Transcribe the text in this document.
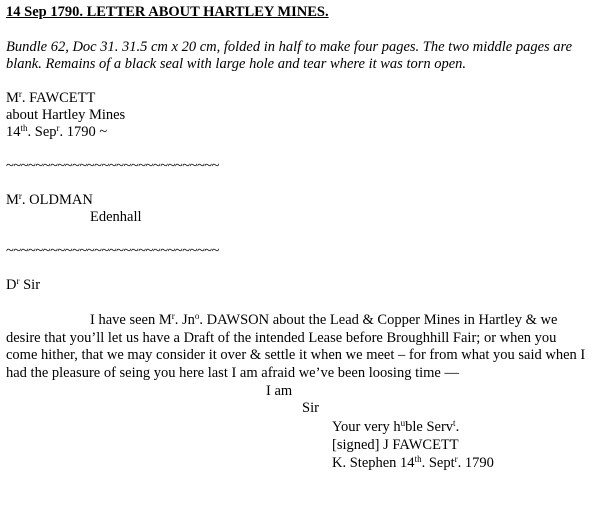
14 Sep 1790. LETTER ABOUT HARTLEY MINES.
Bundle 62, Doc 31. 31.5 cm x 20 cm, folded in half to make four pages. The two middle pages are blank. Remains of a black seal with large hole and tear where it was torn open.
$M^r$. FAWCETT
about Hartley Mines
14th. Sep$^r$. 1790 ~
~~~~~~~~~~~~~~~~~~~~~~~~~~~~~
$M^r$. OLDMAN
Edenhall
~~~~~~~~~~~~~~~~~~~~~~~~~~~~~
$D^r$ Sir
I have seen $M^r$. Jn$^o$. DAWSON about the Lead & Copper Mines in Hartley & we desire that you’ll let us have a Draft of the intended Lease before Broughhill Fair; or when you come hither, that we may consider it over & settle it when we meet – for from what you said when I had the pleasure of seing you here last I am afraid we’ve been loosing time —
I am
Sir
Your very $h^uble$ Serv$^t$.
[signed] J FAWCETT
K. Stephen 14th. Sept$^r$. 1790
